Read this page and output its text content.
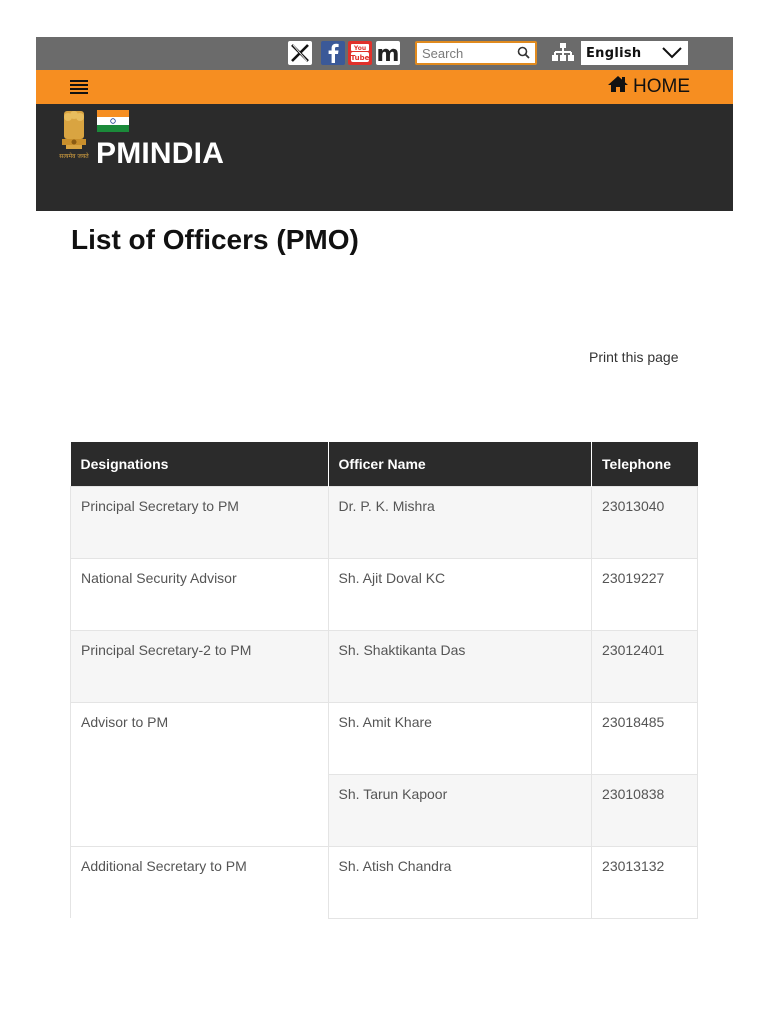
You
Tube m
Search	English
HOME
सत्यमेव जयते PMINDIA
List of Officers (PMO)
Print this page
Designations	Officer Name	Telephone
Principal Secretary to PM	Dr. P. K. Mishra	23013040
National Security Advisor	Sh. Ajit Doval KC	23019227
Principal Secretary-2 to PM	Sh. Shaktikanta Das	23012401
Advisor to PM	Sh. Amit Khare	23018485
	Sh. Tarun Kapoor	23010838
Additional Secretary to PM	Sh. Atish Chandra	23013132
